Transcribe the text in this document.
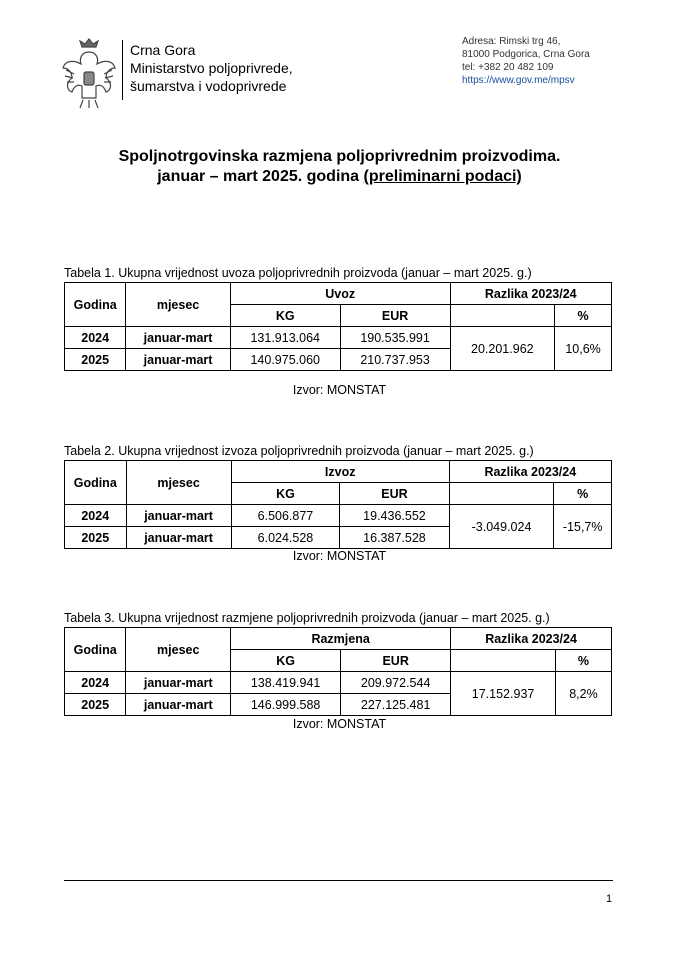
Crna Gora
Ministarstvo poljoprivrede,
šumarstva i vodoprivrede
Adresa: Rimski trg 46,
81000 Podgorica, Crna Gora
tel: +382 20 482 109
https://www.gov.me/mpsv
Spoljnotrgovinska razmjena poljoprivrednim proizvodima.
januar – mart 2025. godina (preliminarni podaci)
Tabela 1. Ukupna vrijednost uvoza poljoprivrednih proizvoda (januar – mart 2025. g.)
Godina	mjesec	Uvoz		Razlika 2023/24	
		KG	EUR		%
2024	januar-mart	131.913.064	190.535.991	20.201.962	10,6%
2025	januar-mart	140.975.060	210.737.953		
Izvor: MONSTAT
Tabela 2. Ukupna vrijednost izvoza poljoprivrednih proizvoda (januar – mart 2025. g.)
Godina	mjesec	Izvoz		Razlika 2023/24	
		KG	EUR		%
2024	januar-mart	6.506.877	19.436.552	-3.049.024	-15,7%
2025	januar-mart	6.024.528	16.387.528		
Izvor: MONSTAT
Tabela 3. Ukupna vrijednost razmjene poljoprivrednih proizvoda (januar – mart 2025. g.)
Godina	mjesec	Razmjena		Razlika 2023/24	
		KG	EUR		%
2024	januar-mart	138.419.941	209.972.544	17.152.937	8,2%
2025	januar-mart	146.999.588	227.125.481		
Izvor: MONSTAT
1
